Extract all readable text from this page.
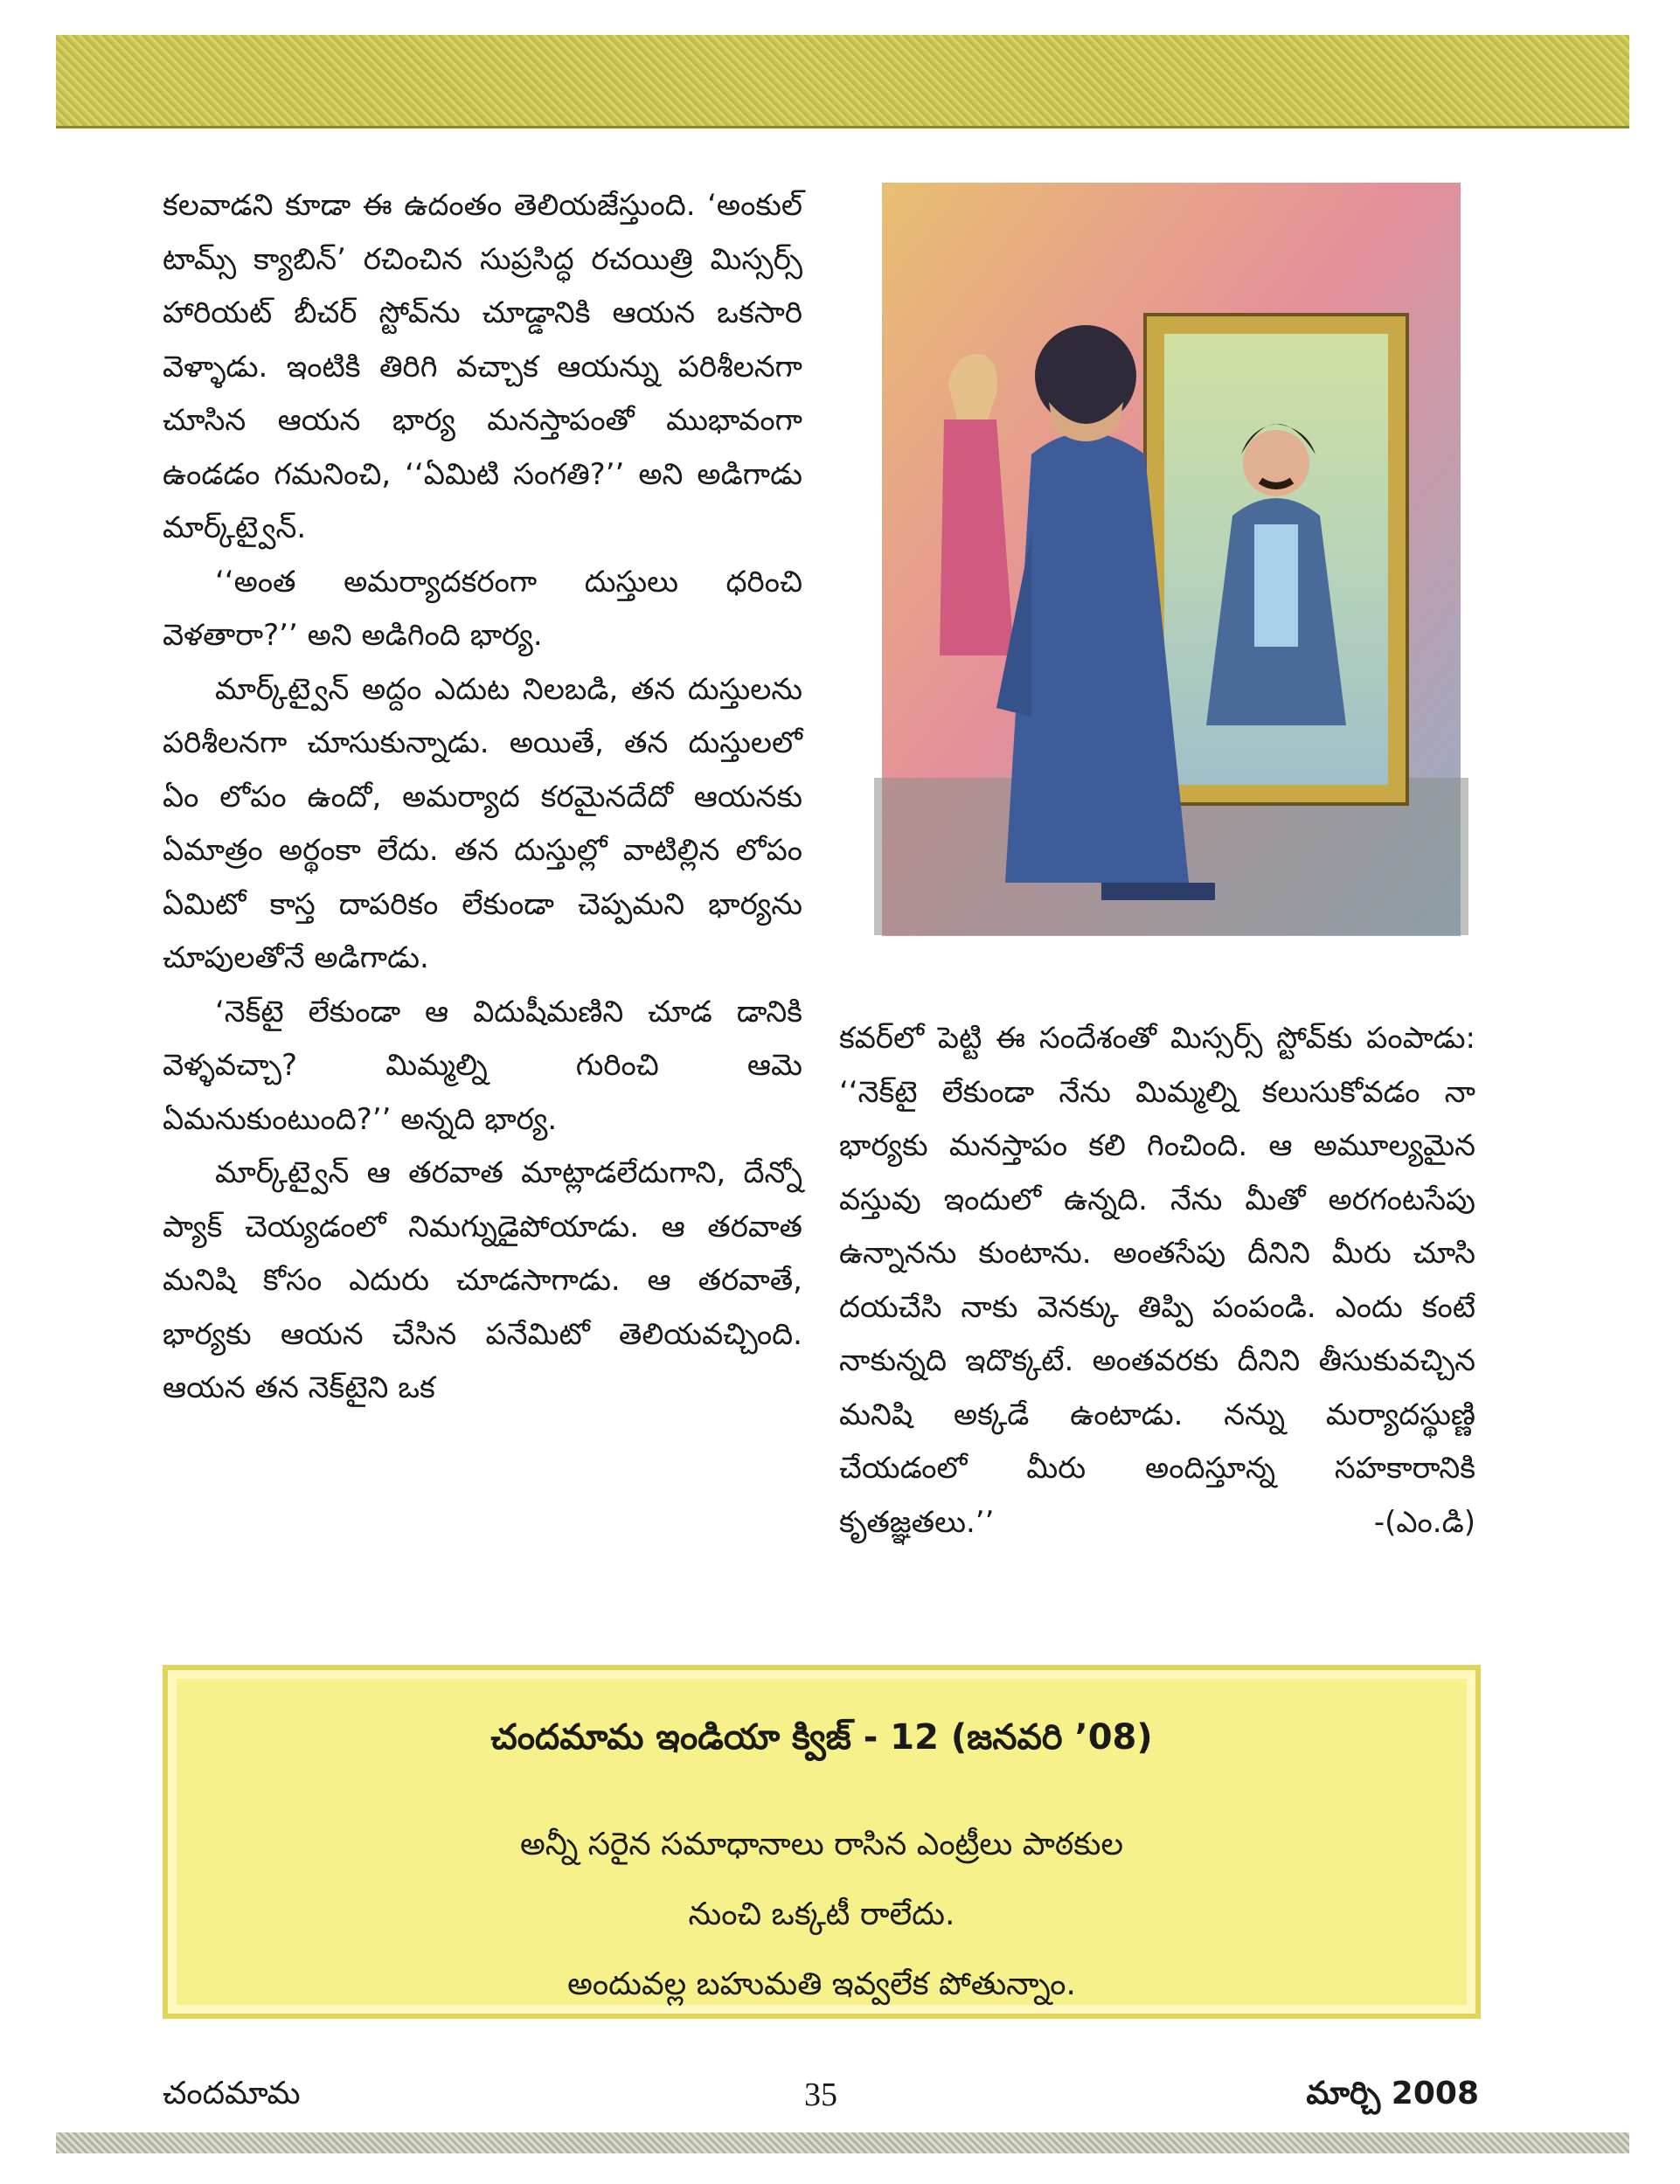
కలవాడని కూడా ఈ ఉదంతం తెలియజేస్తుంది. ‘అంకుల్ టామ్స్ క్యాబిన్’ రచించిన సుప్రసిద్ధ రచయిత్రి మిస్సర్స్ హారియట్ బీచర్ స్టోవ్‌ను చూడ్డానికి ఆయన ఒకసారి వెళ్ళాడు. ఇంటికి తిరిగి వచ్చాక ఆయన్ను పరిశీలనగా చూసిన ఆయన భార్య మనస్తాపంతో ముభావంగా ఉండడం గమనించి, ‘‘ఏమిటి సంగతి?’’ అని అడిగాడు మార్క్‌ట్వైన్.

‘‘అంత అమర్యాదకరంగా దుస్తులు ధరించి వెళతారా?’’ అని అడిగింది భార్య.

మార్క్‌ట్వైన్ అద్దం ఎదుట నిలబడి, తన దుస్తులను పరిశీలనగా చూసుకున్నాడు. అయితే, తన దుస్తులలో ఏం లోపం ఉందో, అమర్యాద కరమైనదేదో ఆయనకు ఏమాత్రం అర్థంకా లేదు. తన దుస్తుల్లో వాటిల్లిన లోపం ఏమిటో కాస్త దాపరికం లేకుండా చెప్పమని భార్యను చూపులతోనే అడిగాడు.

‘నెక్‌టై లేకుండా ఆ విదుషీమణిని చూడ డానికి వెళ్ళవచ్చా? మిమ్మల్ని గురించి ఆమె ఏమనుకుంటుంది?’’ అన్నది భార్య.

మార్క్‌ట్వైన్ ఆ తరవాత మాట్లాడలేదుగాని, దేన్నో ప్యాక్ చెయ్యడంలో నిమగ్నుడైపోయాడు. ఆ తరవాత మనిషి కోసం ఎదురు చూడసాగాడు. ఆ తరవాతే, భార్యకు ఆయన చేసిన పనేమిటో తెలియవచ్చింది. ఆయన తన నెక్‌టైని ఒక

కవర్‌లో పెట్టి ఈ సందేశంతో మిస్సర్స్ స్టోవ్‌కు పంపాడు: ‘‘నెక్‌టై లేకుండా నేను మిమ్మల్ని కలుసుకోవడం నా భార్యకు మనస్తాపం కలి గించింది. ఆ అమూల్యమైన వస్తువు ఇందులో ఉన్నది. నేను మీతో అరగంటసేపు ఉన్నానను కుంటాను. అంతసేపు దీనిని మీరు చూసి దయచేసి నాకు వెనక్కు తిప్పి పంపండి. ఎందు కంటే నాకున్నది ఇదొక్కటే. అంతవరకు దీనిని తీసుకువచ్చిన మనిషి అక్కడే ఉంటాడు. నన్ను మర్యాదస్థుణ్ణి చేయడంలో మీరు అందిస్తూన్న సహకారానికి కృతజ్ఞతలు.’’	-(ఎం.డి)

చందమామ ఇండియా క్విజ్ - 12 (జనవరి ’08)
అన్నీ సరైన సమాధానాలు రాసిన ఎంట్రీలు పాఠకుల
నుంచి ఒక్కటీ రాలేదు.
అందువల్ల బహుమతి ఇవ్వలేక పోతున్నాం.
చందమామ	35	మార్చి 2008
